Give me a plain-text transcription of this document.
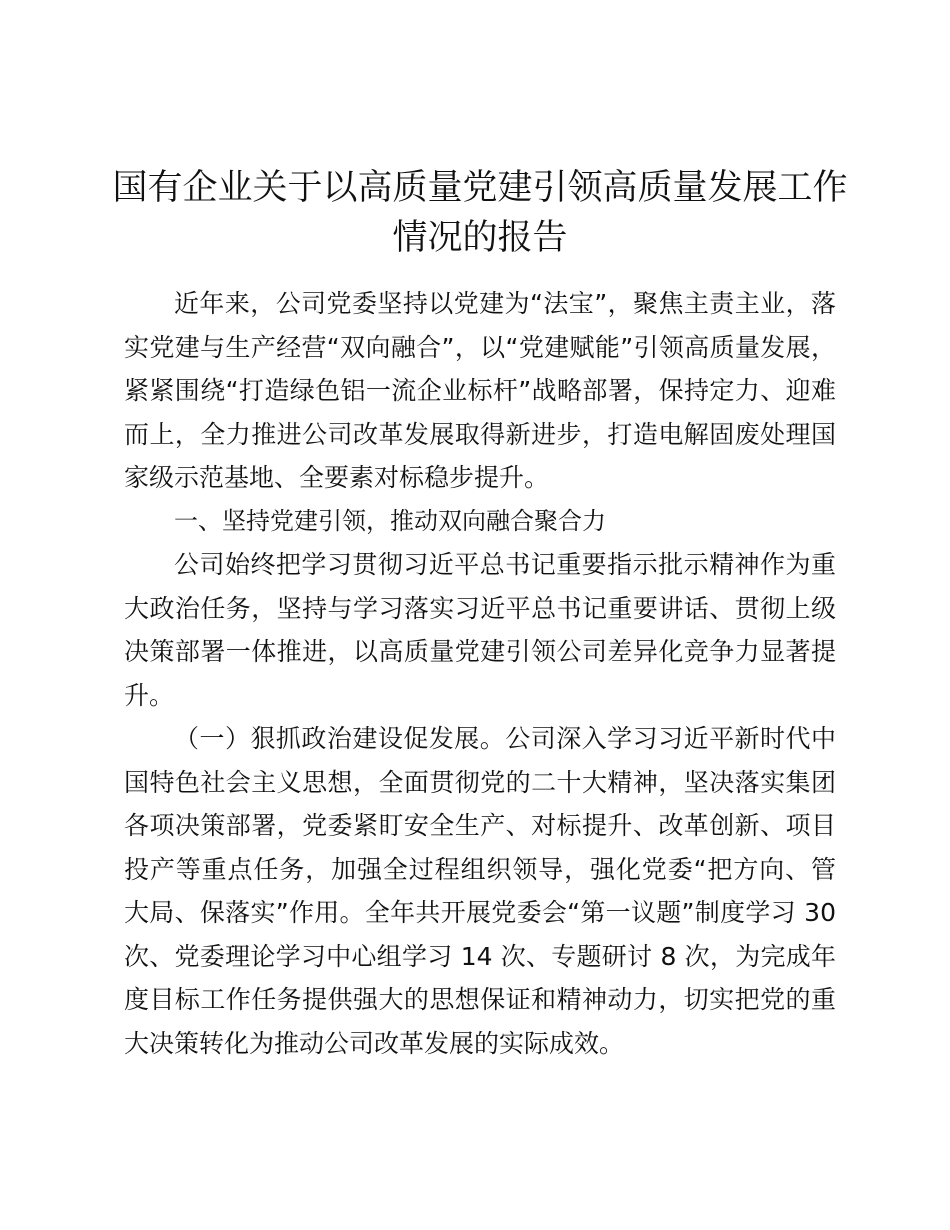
国有企业关于以高质量党建引领高质量发展工作情况的报告

近年来，公司党委坚持以党建为“法宝”，聚焦主责主业，落实党建与生产经营“双向融合”，以“党建赋能”引领高质量发展，紧紧围绕“打造绿色铝一流企业标杆”战略部署，保持定力、迎难而上，全力推进公司改革发展取得新进步，打造电解固废处理国家级示范基地、全要素对标稳步提升。

一、坚持党建引领，推动双向融合聚合力

公司始终把学习贯彻习近平总书记重要指示批示精神作为重大政治任务，坚持与学习落实习近平总书记重要讲话、贯彻上级决策部署一体推进，以高质量党建引领公司差异化竞争力显著提升。

（一）狠抓政治建设促发展。公司深入学习习近平新时代中国特色社会主义思想，全面贯彻党的二十大精神，坚决落实集团各项决策部署，党委紧盯安全生产、对标提升、改革创新、项目投产等重点任务，加强全过程组织领导，强化党委“把方向、管大局、保落实”作用。全年共开展党委会“第一议题”制度学习 30 次、党委理论学习中心组学习 14 次、专题研讨 8 次，为完成年度目标工作任务提供强大的思想保证和精神动力，切实把党的重大决策转化为推动公司改革发展的实际成效。
